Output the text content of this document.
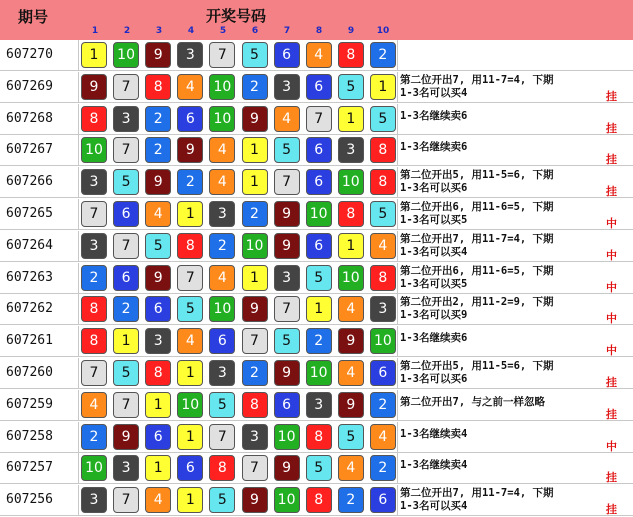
期号	开奖号码
1	2	3	4	5	6	7	8	9	10
607270	1	10	9	3	7	5	6	4	8	2
607269	9	7	8	4	10	2	3	6	5	1	第二位开出7, 用11-7=4, 下期
1-3名可以买4	挂
607268	8	3	2	6	10	9	4	7	1	5	1-3名继续卖6
挂
607267 10	7	2	9	4	1	5	6	3	8	1-3名继续卖6
挂
607266	3	5	9	2	4	1	7	6	10	8	第二位开出5, 用11-5=6, 下期
1-3名可以买6	挂
607265	7	6	4	1	3	2	9	10	8	5	第二位开出6, 用11-6=5, 下期
1-3名可以买5	中
607264	3	7	5	8	2	10	9	6	1	4	第二位开出7, 用11-7=4, 下期
1-3名可以买4	中
607263	2	6	9	7	4	1	3	5	10	8	第二位开出6, 用11-6=5, 下期
1-3名可以买5	中
607262	8	2	6	5	10	9	7	1	4	3	第二位开出2, 用11-2=9, 下期
1-3名可以买9	中
607261	8	1	3	4	6	7	5	2	9	10 1-3名继续卖6
中
607260	7	5	8	1	3	2	9	10	4	6	第二位开出5, 用11-5=6, 下期
1-3名可以买6	挂
607259	4	7	1	10	5	8	6	3	9	2	第二位开出7, 与之前一样忽略
挂
607258	2	9	6	1	7	3	10	8	5	4	1-3名继续卖4
中
607257 10	3	1	6	8	7	9	5	4	2	1-3名继续卖4
挂
607256	3	7	4	1	5	9	10	8	2	6	第二位开出7, 用11-7=4, 下期
1-3名可以买4	挂
